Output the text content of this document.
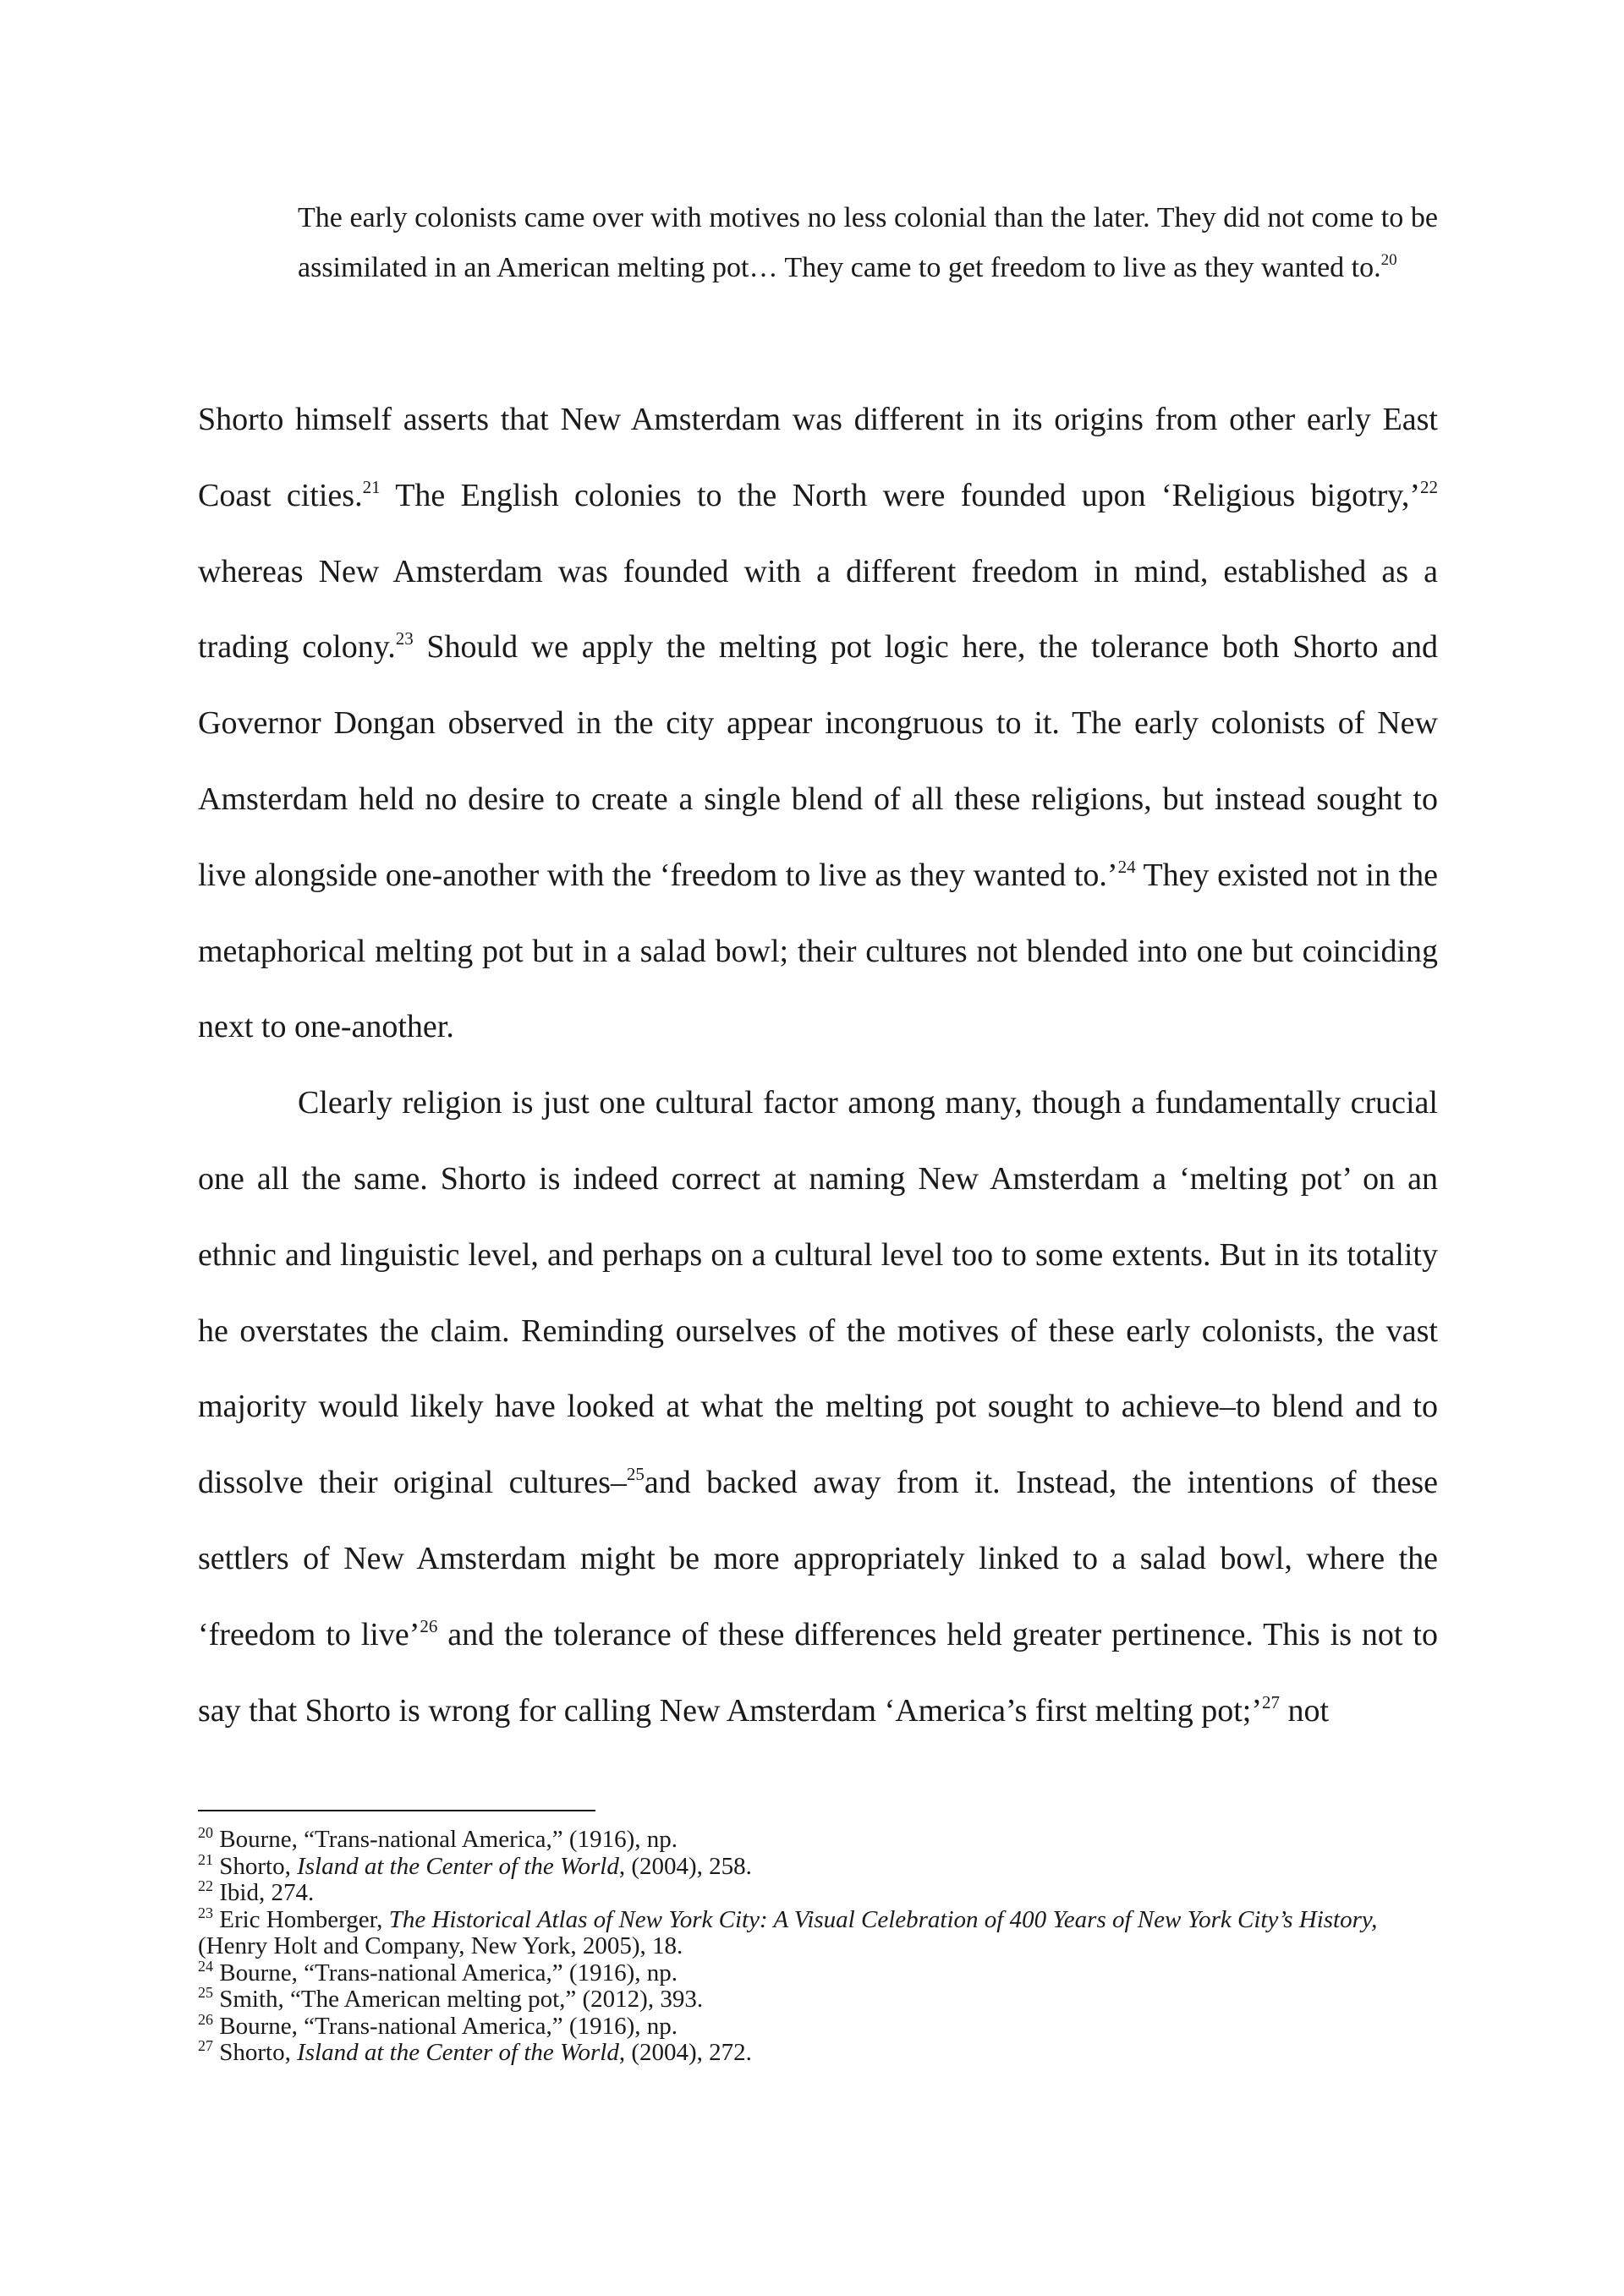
The early colonists came over with motives no less colonial than the later. They did not come to be assimilated in an American melting pot… They came to get freedom to live as they wanted to.$^{20}$

Shorto himself asserts that New Amsterdam was different in its origins from other early East Coast cities.$^{21}$ The English colonies to the North were founded upon ‘Religious bigotry,’$^{22}$ whereas New Amsterdam was founded with a different freedom in mind, established as a trading colony.$^{23}$ Should we apply the melting pot logic here, the tolerance both Shorto and Governor Dongan observed in the city appear incongruous to it. The early colonists of New Amsterdam held no desire to create a single blend of all these religions, but instead sought to live alongside one-another with the ‘freedom to live as they wanted to.’$^{24}$ They existed not in the metaphorical melting pot but in a salad bowl; their cultures not blended into one but coinciding next to one-another.

Clearly religion is just one cultural factor among many, though a fundamentally crucial one all the same. Shorto is indeed correct at naming New Amsterdam a ‘melting pot’ on an ethnic and linguistic level, and perhaps on a cultural level too to some extents. But in its totality he overstates the claim. Reminding ourselves of the motives of these early colonists, the vast majority would likely have looked at what the melting pot sought to achieve–to blend and to dissolve their original cultures–$^{25}$and backed away from it. Instead, the intentions of these settlers of New Amsterdam might be more appropriately linked to a salad bowl, where the ‘freedom to live’$^{26}$ and the tolerance of these differences held greater pertinence. This is not to say that Shorto is wrong for calling New Amsterdam ‘America’s first melting pot;’$^{27}$ not

$^{20}$ Bourne, “Trans-national America,” (1916), np.

$^{21}$ Shorto, Island at the Center of the World, (2004), 258.

$^{22}$ Ibid, 274.

$^{23}$ Eric Homberger, The Historical Atlas of New York City: A Visual Celebration of 400 Years of New York City’s History, (Henry Holt and Company, New York, 2005), 18.

$^{24}$ Bourne, “Trans-national America,” (1916), np.

$^{25}$ Smith, “The American melting pot,” (2012), 393.

$^{26}$ Bourne, “Trans-national America,” (1916), np.

$^{27}$ Shorto, Island at the Center of the World, (2004), 272.
